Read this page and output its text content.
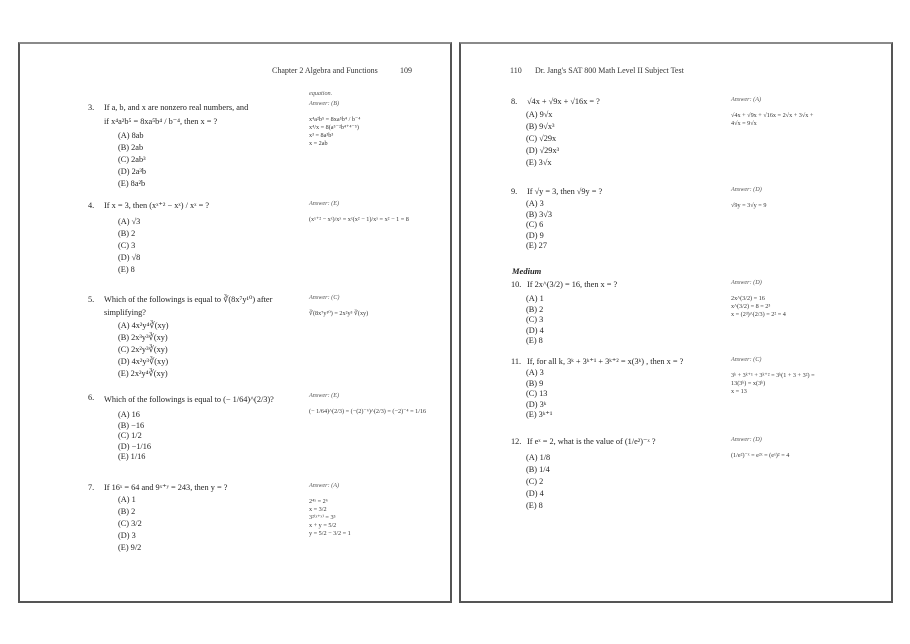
Chapter 2 Algebra and Functions	109
equation.
3. If a, b, and x are nonzero real numbers, and
if x⁴a²b⁵ = 8xa⁵b⁴ / b⁻⁴, then x = ?
(A) 8ab
(B) 2ab
(C) 2ab³
(D) 2a³b
(E) 8a²b
Answer: (B)
x⁴a²b⁵ = 8xa⁵b⁴ / b⁻⁴
x⁴/x = 8(a⁵⁻²b⁴⁺⁴⁻⁵)
x³ = 8a³b³
x = 2ab
4. If x = 3, then (xˣ⁺² − xˣ) / xˣ = ?
(A) √3
(B) 2
(C) 3
(D) √8
(E) 8
Answer: (E)
(xˣ⁺² − xˣ)/xˣ = xˣ(x² − 1)/xˣ = x² − 1 = 8
5. Which of the followings is equal to ∛(8x⁷y¹⁰) after
simplifying?
(A) 4x²y⁴∛(xy)
(B) 2x³y³∛(xy)
(C) 2x²y³∛(xy)
(D) 4x²y³∛(xy)
(E) 2x²y⁴∛(xy)
Answer: (C)
∛(8x⁷y¹⁰) = 2x²y³ ∛(xy)
6. Which of the followings is equal to (− 1/64)^(2/3)?
(A) 16
(B) −16
(C) 1/2
(D) −1/16
(E) 1/16
Answer: (E)
(− 1/64)^(2/3) = (−(2)⁻⁶)^(2/3) = (−2)⁻⁴ = 1/16
7. If 16ˣ = 64 and 9ˣ⁺ʸ = 243, then y = ?
(A) 1
(B) 2
(C) 3/2
(D) 3
(E) 9/2
Answer: (A)
2⁴ˣ = 2⁶
x = 3/2
3²⁽ˣ⁺ʸ⁾ = 3⁵
x + y = 5/2
y = 5/2 − 3/2 = 1
110 Dr. Jang's SAT 800 Math Level II Subject Test
8. √4x + √9x + √16x = ?
(A) 9√x
(B) 9√x³
(C) √29x
(D) √29x³
(E) 3√x
Answer: (A)
√4x + √9x + √16x = 2√x + 3√x +
4√x = 9√x
9. If √y = 3, then √9y = ?
(A) 3
(B) 3√3
(C) 6
(D) 9
(E) 27
Answer: (D)
√9y = 3√y = 9
Medium
10. If 2x^(3/2) = 16, then x = ?
(A) 1
(B) 2
(C) 3
(D) 4
(E) 8
Answer: (D)
2x^(3/2) = 16
x^(3/2) = 8 = 2³
x = (2³)^(2/3) = 2² = 4
11. If, for all k, 3ᵏ + 3ᵏ⁺¹ + 3ᵏ⁺² = x(3ᵏ) , then x = ?
(A) 3
(B) 9
(C) 13
(D) 3ᵏ
(E) 3ᵏ⁺¹
Answer: (C)
3ᵏ + 3ᵏ⁺¹ + 3ᵏ⁺² = 3ᵏ(1 + 3 + 3²) =
13(3ᵏ) = x(3ᵏ)
x = 13
12. If eˣ = 2, what is the value of (1/e²)⁻ˣ ?
(A) 1/8
(B) 1/4
(C) 2
(D) 4
(E) 8
Answer: (D)
(1/e²)⁻ˣ = e²ˣ = (eˣ)² = 4
